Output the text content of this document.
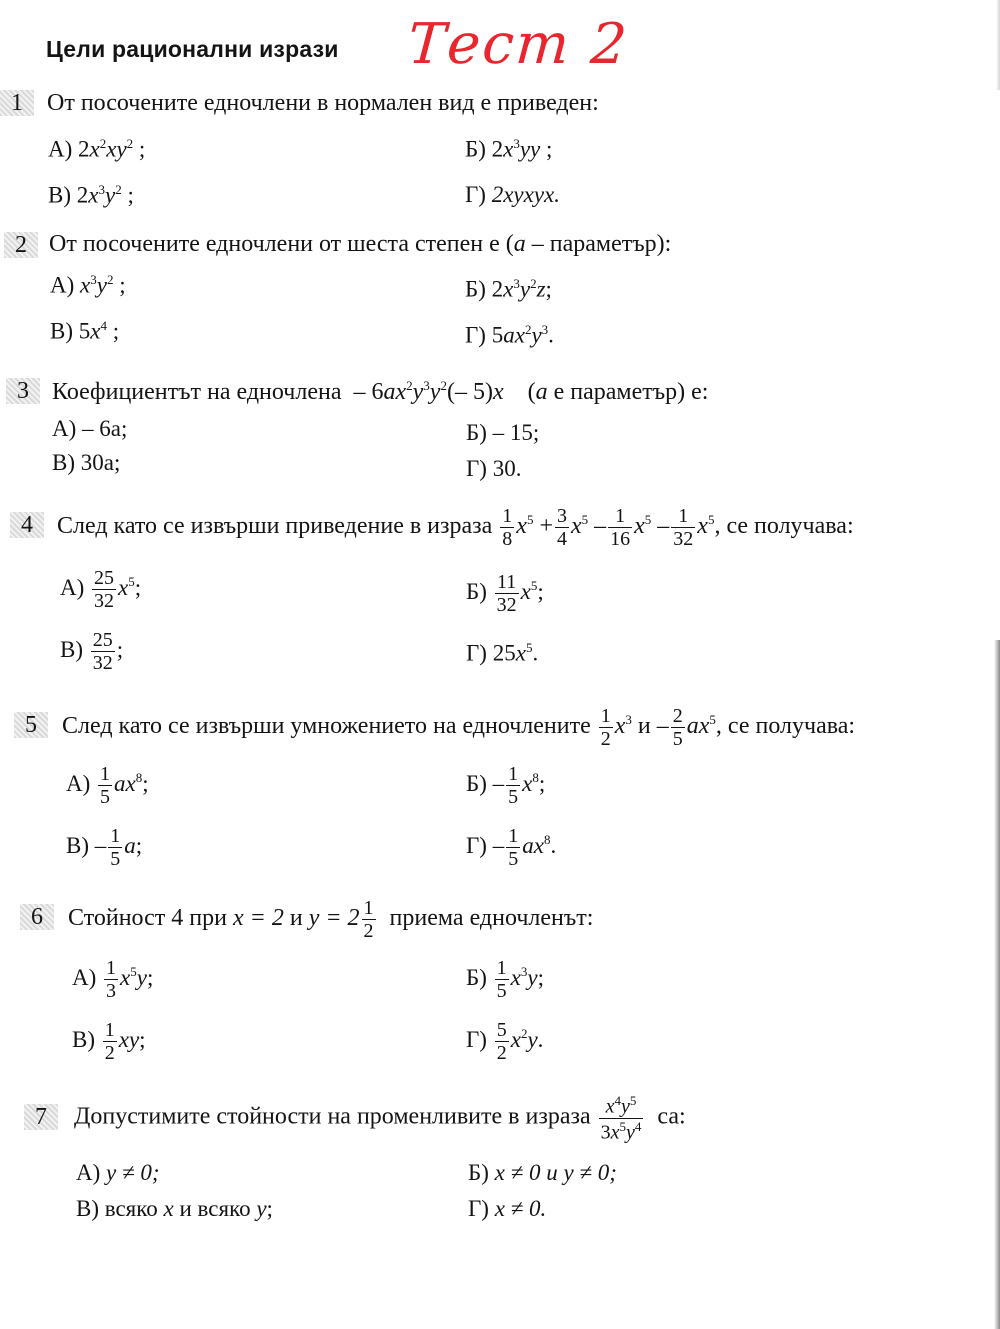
Цели рационални изрази Тест 2
1	От посочените едночлени в нормален вид е приведен:
А) $2x^2xy^2$ ;	Б) $2x^3yy$ ;
В) $2x^3y^2$ ;	Г) 2xyxyx.
2 От посочените едночлени от шеста степен е (a – параметър):
А) $x^3y^2$ ;	Б) $2x^3y^2z$;
В) $5x^4$ ;	Г) $5ax^2y^3$.
3 Коефициентът на едночлена – $6ax^2y^3y^2(-$ 5)x (a е параметър) е:
А) – 6a;	Б) – 15;
В) 30a;	Г) 30.
4	След като се извърши приведение в израза $\frac{1}{8} x^5 + \frac{3}{4} x^5 - \frac{1}{16} x^5 - \frac{1}{32} x^5$, се получава:
$А) \frac{25}{32} x^5$;	$Б) \frac{11}{32} x^5$;
$В) \frac{25}{32}$ ;	Г) $25x^5$.
5	След като се извърши умножението на едночлените $\frac{1}{2} x^3$ и – $\frac{2}{5} ax^5$, се получава:
$А) \frac{1}{5} ax^8$;	$Б) - \frac{1}{5} x^8$;
$В) - \frac{1}{5} a$;	$Г) - \frac{1}{5} ax^8$.
6	Стойност 4 при x = 2 и $y = 2 \frac{1}{2}$ приема едночленът:
$А) \frac{1}{3} x^5y$;	$Б) \frac{1}{5} x^3y$;
$В) \frac{1}{2}$ xy;	$Г) \frac{5}{2} x^2y$.
7	Допустимите стойности на променливите в израза $\frac{x^4y^5}{3x^5y^4}$ са:
А) y ≠ 0;	Б) x ≠ 0 и y ≠ 0;
В) всяко x и всяко y;	Г) x ≠ 0.
